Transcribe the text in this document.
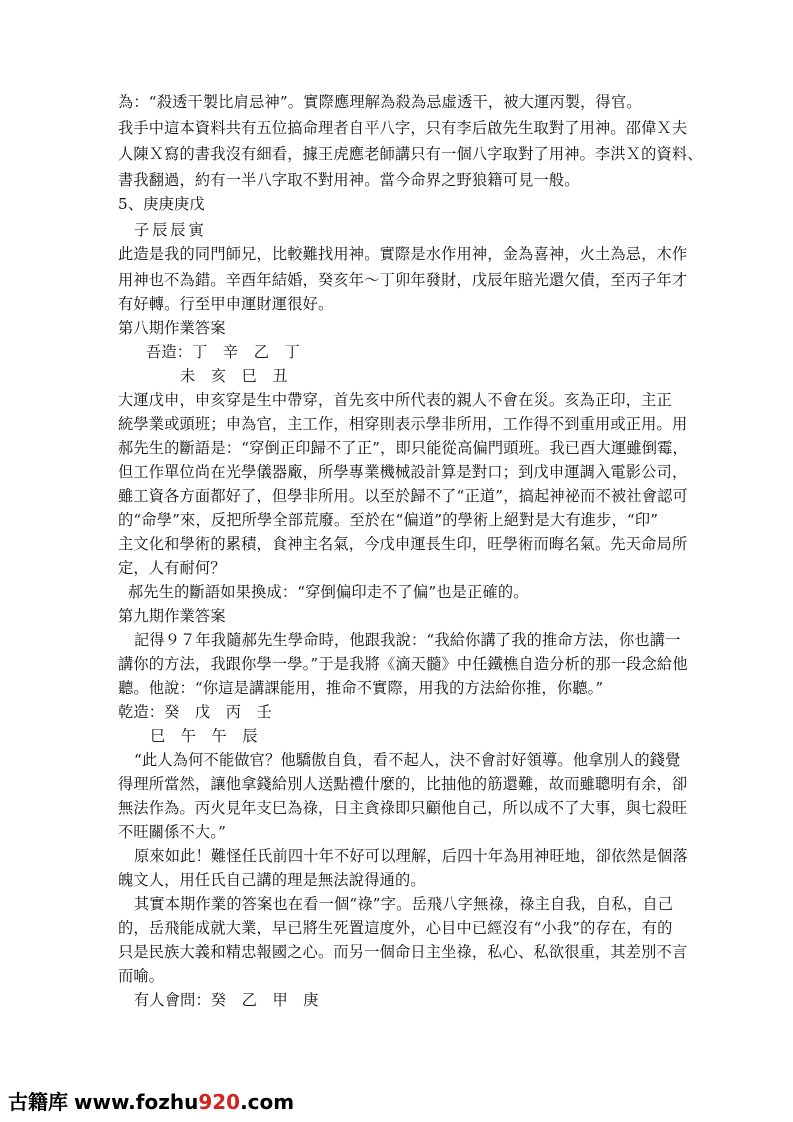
為：“殺透干製比肩忌神”。實際應理解為殺為忌虛透干，被大運丙製，得官。
我手中這本資料共有五位搞命理者自平八字，只有李后啟先生取對了用神。邵偉Ｘ夫
人陳Ｘ寫的書我沒有細看，據王虎應老師講只有一個八字取對了用神。李洪Ｘ的資料、
書我翻過，約有一半八字取不對用神。當今命界之野狼籍可見一般。
5、庚庚庚戊
子辰辰寅
此造是我的同門師兄，比較難找用神。實際是水作用神，金為喜神，火土為忌，木作
用神也不為錯。辛酉年結婚，癸亥年～丁卯年發財，戊辰年賠光還欠債，至丙子年才
有好轉。行至甲申運財運很好。
第八期作業答案
吾造：丁　辛　乙　丁
未　亥　巳　丑
大運戊申，申亥穿是生中帶穿，首先亥中所代表的親人不會在災。亥為正印，主正
統學業或頭班；申為官，主工作，相穿則表示學非所用，工作得不到重用或正用。用
郝先生的斷語是：“穿倒正印歸不了正”，即只能從高偏門頭班。我已酉大運雖倒霉，
但工作單位尚在光學儀器廠，所學專業機械設計算是對口；到戊申運調入電影公司，
雖工資各方面都好了，但學非所用。以至於歸不了“正道”，搞起神祕而不被社會認可
的“命學”來，反把所學全部荒廢。至於在“偏道”的學術上絕對是大有進步，“印”
主文化和學術的累積，食神主名氣，今戊申運長生印，旺學術而晦名氣。先天命局所
定，人有耐何？
郝先生的斷語如果換成：“穿倒偏印走不了偏”也是正確的。
第九期作業答案
記得９７年我隨郝先生學命時，他跟我說：“我給你講了我的推命方法，你也講一
講你的方法，我跟你學一學。”于是我將《滴天髓》中任鐵樵自造分析的那一段念給他
聽。他說：“你這是講課能用，推命不實際，用我的方法給你推，你聽。”
乾造：癸　戊　丙　壬
巳　午　午　辰
“此人為何不能做官？他驕傲自負，看不起人，決不會討好領導。他拿別人的錢覺
得理所當然，讓他拿錢給別人送點禮什麼的，比抽他的筋還難，故而雖聰明有余，卻
無法作為。丙火見年支巳為祿，日主貪祿即只顧他自己，所以成不了大事，與七殺旺
不旺關係不大。”
原來如此！難怪任氏前四十年不好可以理解，后四十年為用神旺地，卻依然是個落
魄文人，用任氏自己講的理是無法說得通的。
其實本期作業的答案也在看一個“祿”字。岳飛八字無祿，祿主自我，自私，自己
的，岳飛能成就大業，早已將生死置這度外，心目中已經沒有“小我”的存在，有的
只是民族大義和精忠報國之心。而另一個命日主坐祿，私心、私欲很重，其差別不言
而喻。
有人會問：癸　乙　甲　庚
古籍库 www.fozhu920.com
